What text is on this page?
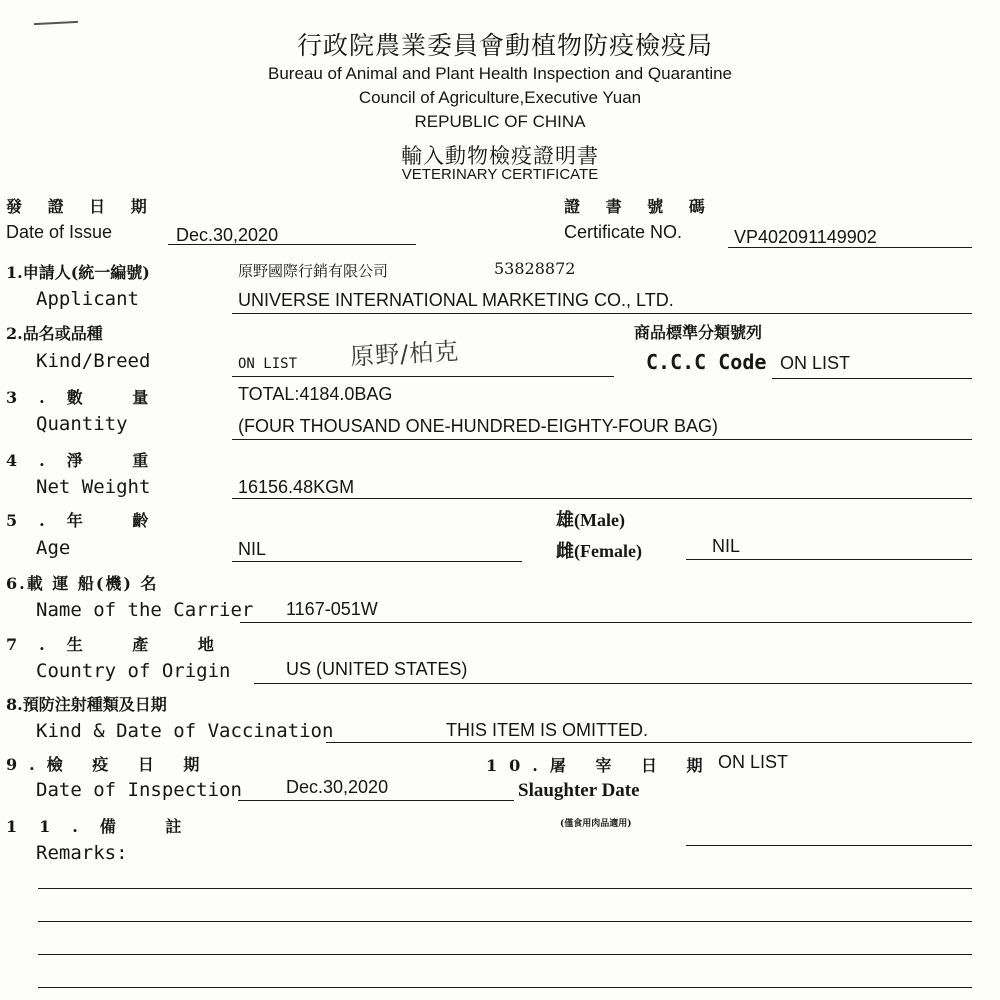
行政院農業委員會動植物防疫檢疫局
Bureau of Animal and Plant Health Inspection and Quarantine
Council of Agriculture,Executive Yuan
REPUBLIC OF CHINA
輸入動物檢疫證明書
VETERINARY CERTIFICATE
發 證 日 期
Date of Issue	Dec.30,2020
證 書 號 碼
Certificate NO.	VP402091149902
1.申請人(統一編號)	原野國際行銷有限公司	53828872
Applicant	UNIVERSE INTERNATIONAL MARKETING CO., LTD.
2.品名或品種	商品標準分類號列
Kind/Breed	ON LIST 原野/柏克	C.C.C Code ON LIST
3.數 量	TOTAL:4184.0BAG
Quantity	(FOUR THOUSAND ONE-HUNDRED-EIGHTY-FOUR BAG)
4.淨 重
Net Weight	16156.48KGM
5.年 齡	雄(Male)
Age	NIL	雌(Female)	NIL
6.載 運 船(機) 名
Name of the Carrier 1167-051W
7.生 產 地
Country of Origin	US (UNITED STATES)
8.預防注射種類及日期
Kind & Date of Vaccination	THIS ITEM IS OMITTED.
9.檢 疫 日 期	10.屠 宰 日 期 ON LIST
Date of Inspection Dec.30,2020	Slaughter Date
11.備 註	(僅食用肉品適用)
Remarks:
